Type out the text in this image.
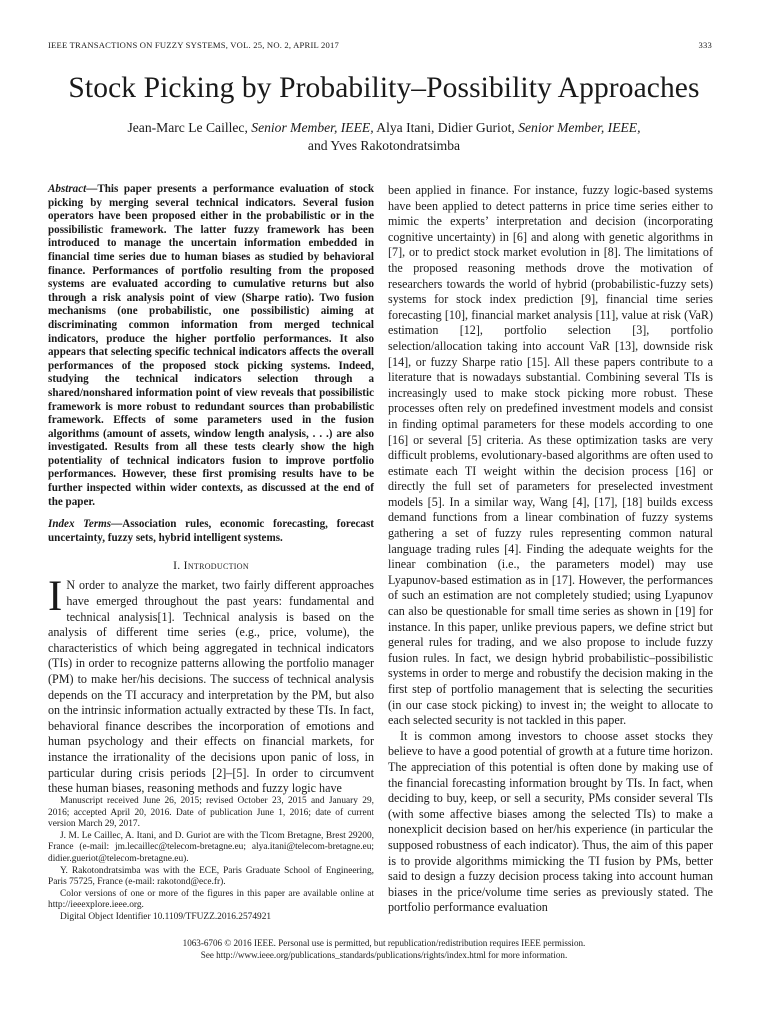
IEEE TRANSACTIONS ON FUZZY SYSTEMS, VOL. 25, NO. 2, APRIL 2017	333
Stock Picking by Probability–Possibility Approaches
Jean-Marc Le Caillec, Senior Member, IEEE, Alya Itani, Didier Guriot, Senior Member, IEEE,
and Yves Rakotondratsimba

Abstract—This paper presents a performance evaluation of stock picking by merging several technical indicators. Several fusion operators have been proposed either in the probabilistic or in the possibilistic framework. The latter fuzzy framework has been introduced to manage the uncertain information embedded in financial time series due to human biases as studied by behavioral finance. Performances of portfolio resulting from the proposed systems are evaluated according to cumulative returns but also through a risk analysis point of view (Sharpe ratio). Two fusion mechanisms (one probabilistic, one possibilistic) aiming at discriminating common information from merged technical indicators, produce the higher portfolio performances. It also appears that selecting specific technical indicators affects the overall performances of the proposed stock picking systems. Indeed, studying the technical indicators selection through a shared/nonshared information point of view reveals that possibilistic framework is more robust to redundant sources than probabilistic framework. Effects of some parameters used in the fusion algorithms (amount of assets, window length analysis, . . .) are also investigated. Results from all these tests clearly show the high potentiality of technical indicators fusion to improve portfolio performances. However, these first promising results have to be further inspected within wider contexts, as discussed at the end of the paper.

Index Terms—Association rules, economic forecasting, forecast uncertainty, fuzzy sets, hybrid intelligent systems.

I. Introduction

I N order to analyze the market, two fairly different approaches have emerged throughout the past years: fundamental and technical analysis[1]. Technical analysis is based on the analysis of different time series (e.g., price, volume), the characteristics of which being aggregated in technical indicators (TIs) in order to recognize patterns allowing the portfolio manager (PM) to make her/his decisions. The success of technical analysis depends on the TI accuracy and interpretation by the PM, but also on the intrinsic information actually extracted by these TIs. In fact, behavioral finance describes the incorporation of emotions and human psychology and their effects on financial markets, for instance the irrationality of the decisions upon panic of loss, in particular during crisis periods [2]–[5]. In order to circumvent these human biases, reasoning methods and fuzzy logic have

been applied in finance. For instance, fuzzy logic-based systems have been applied to detect patterns in price time series either to mimic the experts’ interpretation and decision (incorporating cognitive uncertainty) in [6] and along with genetic algorithms in [7], or to predict stock market evolution in [8]. The limitations of the proposed reasoning methods drove the motivation of researchers towards the world of hybrid (probabilistic-fuzzy sets) systems for stock index prediction [9], financial time series forecasting [10], financial market analysis [11], value at risk (VaR) estimation [12], portfolio selection [3], portfolio selection/allocation taking into account VaR [13], downside risk [14], or fuzzy Sharpe ratio [15]. All these papers contribute to a literature that is nowadays substantial. Combining several TIs is increasingly used to make stock picking more robust. These processes often rely on predefined investment models and consist in finding optimal parameters for these models according to one [16] or several [5] criteria. As these optimization tasks are very difficult problems, evolutionary-based algorithms are often used to estimate each TI weight within the decision process [16] or directly the full set of parameters for preselected investment models [5]. In a similar way, Wang [4], [17], [18] builds excess demand functions from a linear combination of fuzzy systems gathering a set of fuzzy rules representing common natural language trading rules [4]. Finding the adequate weights for the linear combination (i.e., the parameters model) may use Lyapunov-based estimation as in [17]. However, the performances of such an estimation are not completely studied; using Lyapunov can also be questionable for small time series as shown in [19] for instance. In this paper, unlike previous papers, we define strict but general rules for trading, and we also propose to include fuzzy fusion rules. In fact, we design hybrid probabilistic–possibilistic systems in order to merge and robustify the decision making in the first step of portfolio management that is selecting the securities (in our case stock picking) to invest in; the weight to allocate to each selected security is not tackled in this paper.

It is common among investors to choose asset stocks they believe to have a good potential of growth at a future time horizon. The appreciation of this potential is often done by making use of the financial forecasting information brought by TIs. In fact, when deciding to buy, keep, or sell a security, PMs consider several TIs (with some affective biases among the selected TIs) to make a nonexplicit decision based on her/his experience (in particular the supposed robustness of each indicator). Thus, the aim of this paper is to provide algorithms mimicking the TI fusion by PMs, better said to design a fuzzy decision process taking into account human biases in the price/volume time series as previously stated. The portfolio performance evaluation

Manuscript received June 26, 2015; revised October 23, 2015 and January 29, 2016; accepted April 20, 2016. Date of publication June 1, 2016; date of current version March 29, 2017.

J. M. Le Caillec, A. Itani, and D. Guriot are with the Tlcom Bretagne, Brest 29200, France (e-mail: jm.lecaillec@telecom-bretagne.eu; alya.itani@telecom-bretagne.eu; didier.gueriot@telecom-bretagne.eu).

Y. Rakotondratsimba was with the ECE, Paris Graduate School of Engineering, Paris 75725, France (e-mail: rakotond@ece.fr).

Color versions of one or more of the figures in this paper are available online at http://ieeexplore.ieee.org.

Digital Object Identifier 10.1109/TFUZZ.2016.2574921

1063-6706 © 2016 IEEE. Personal use is permitted, but republication/redistribution requires IEEE permission.
See http://www.ieee.org/publications_standards/publications/rights/index.html for more information.
